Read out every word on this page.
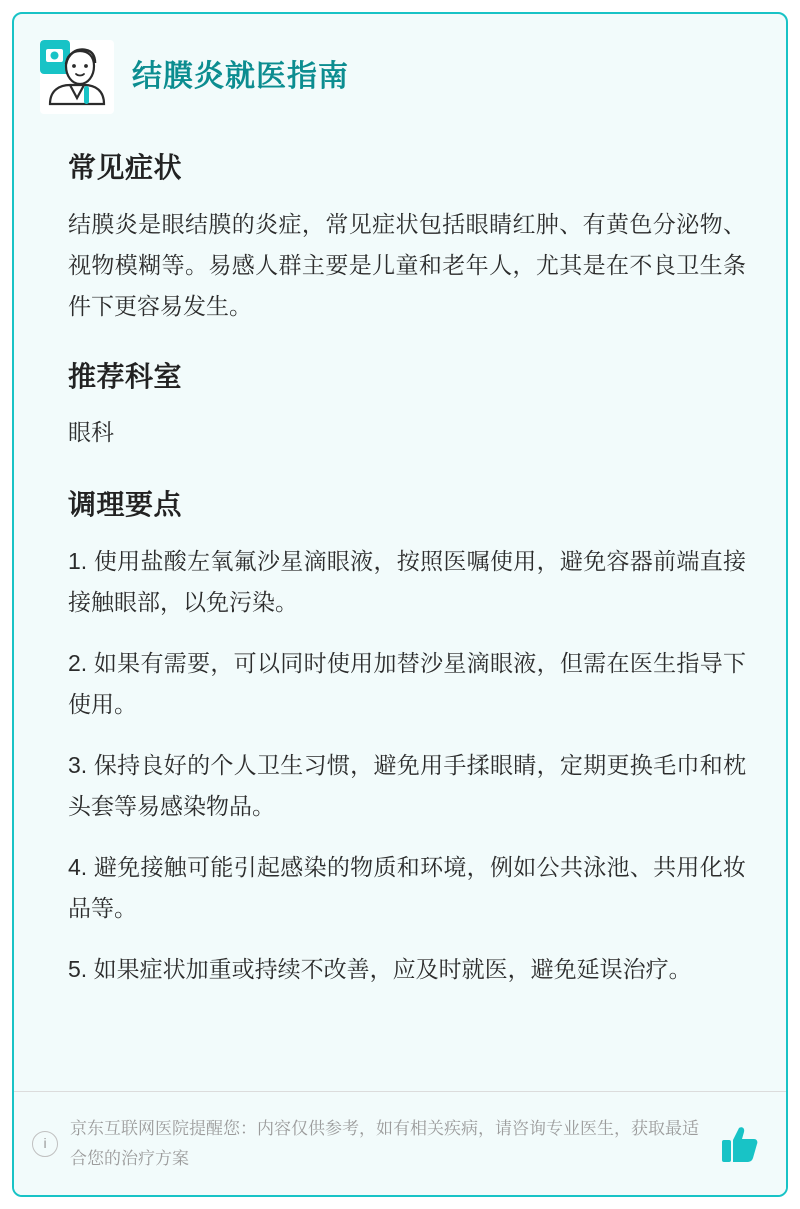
结膜炎就医指南
常见症状

结膜炎是眼结膜的炎症，常见症状包括眼睛红肿、有黄色分泌物、视物模糊等。易感人群主要是儿童和老年人，尤其是在不良卫生条件下更容易发生。

推荐科室

眼科

调理要点
1. 使用盐酸左氧氟沙星滴眼液，按照医嘱使用，避免容器前端直接接触眼部，以免污染。
2. 如果有需要，可以同时使用加替沙星滴眼液，但需在医生指导下使用。
3. 保持良好的个人卫生习惯，避免用手揉眼睛，定期更换毛巾和枕头套等易感染物品。
4. 避免接触可能引起感染的物质和环境，例如公共泳池、共用化妆品等。
5. 如果症状加重或持续不改善，应及时就医，避免延误治疗。
i
京东互联网医院提醒您：内容仅供参考，如有相关疾病，请咨询专业医生，获取最适合您的治疗方案
